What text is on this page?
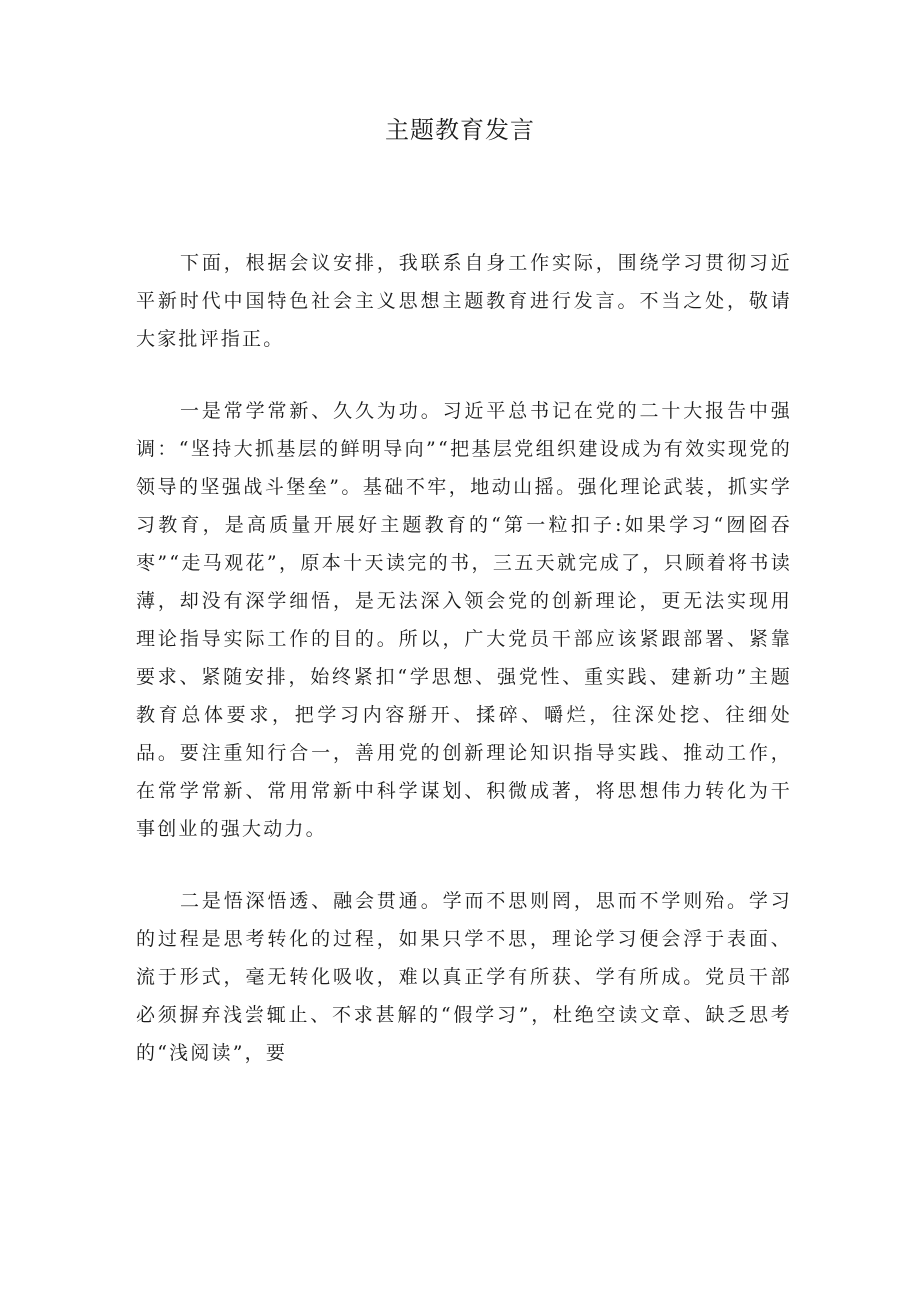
主题教育发言

下面，根据会议安排，我联系自身工作实际，围绕学习贯彻习近平新时代中国特色社会主义思想主题教育进行发言。不当之处，敬请大家批评指正。

一是常学常新、久久为功。习近平总书记在党的二十大报告中强调：“坚持大抓基层的鲜明导向”“把基层党组织建设成为有效实现党的领导的坚强战斗堡垒”。基础不牢，地动山摇。强化理论武装，抓实学习教育，是高质量开展好主题教育的“第一粒扣子:如果学习“囫囵吞枣”“走马观花”，原本十天读完的书，三五天就完成了，只顾着将书读薄，却没有深学细悟，是无法深入领会党的创新理论，更无法实现用理论指导实际工作的目的。所以，广大党员干部应该紧跟部署、紧靠要求、紧随安排，始终紧扣“学思想、强党性、重实践、建新功”主题教育总体要求，把学习内容掰开、揉碎、嚼烂，往深处挖、往细处品。要注重知行合一，善用党的创新理论知识指导实践、推动工作，在常学常新、常用常新中科学谋划、积微成著，将思想伟力转化为干事创业的强大动力。

二是悟深悟透、融会贯通。学而不思则罔，思而不学则殆。学习的过程是思考转化的过程，如果只学不思，理论学习便会浮于表面、流于形式，毫无转化吸收，难以真正学有所获、学有所成。党员干部必须摒弃浅尝辄止、不求甚解的“假学习”，杜绝空读文章、缺乏思考的“浅阅读”，要
